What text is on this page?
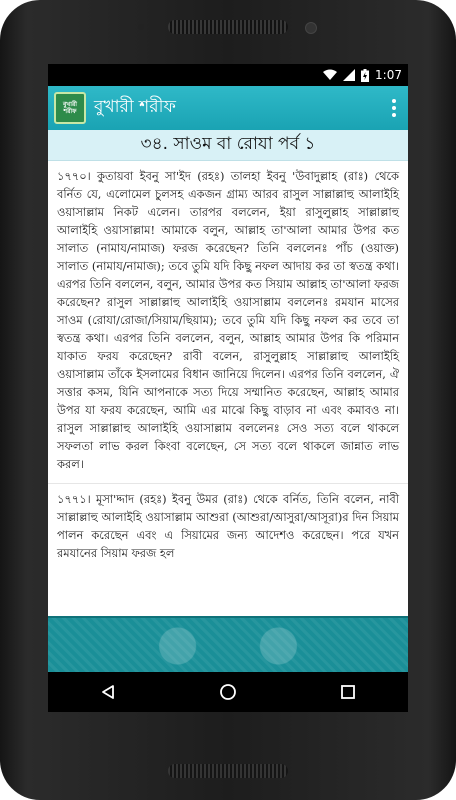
1:07
বুখারী
শরীফ বুখারী শরীফ
৩৪. সাওম বা রোযা পর্ব ১

১৭৭০। কুতায়বা ইবনু সা'ইদ (রহঃ) তালহা ইবনু 'উবাদুল্লাহ (রাঃ) থেকে বর্নিত যে, এলোমেল চুলসহ একজন গ্রাম্য আরব রাসুল সাল্লাল্লাহু আলাইহি ওয়াসাল্লাম নিকট এলেন। তারপর বললেন, ইয়া রাসুলুল্লাহ সাল্লাল্লাহু আলাইহি ওয়াসাল্লাম! আমাকে বলুন, আল্লাহ তা'আলা আমার উপর কত সালাত (নামায/নামাজ) ফরজ করেছেন? তিনি বললেনঃ পাঁচ (ওয়াক্ত) সালাত (নামায/নামাজ); তবে তুমি যদি কিছু নফল আদায় কর তা স্বতন্ত্র কথা। এরপর তিনি বললেন, বলুন, আমার উপর কত সিয়াম আল্লাহ তা'আলা ফরজ করেছেন? রাসুল সাল্লাল্লাহু আলাইহি ওয়াসাল্লাম বললেনঃ রমযান মাসের সাওম (রোযা/রোজা/সিয়াম/ছিয়াম); তবে তুমি যদি কিছু নফল কর তবে তা স্বতন্ত্র কথা। এরপর তিনি বললেন, বলুন, আল্লাহ আমার উপর কি পরিমান যাকাত ফরয করেছেন? রাবী বলেন, রাসুলুল্লাহ সাল্লাল্লাহু আলাইহি ওয়াসাল্লাম তাঁকে ইসলামের বিধান জানিয়ে দিলেন। এরপর তিনি বললেন, ঐ সত্তার কসম, যিনি আপনাকে সত্য দিয়ে সম্মানিত করেছেন, আল্লাহ আমার উপর যা ফরয করেছেন, আমি এর মাঝে কিছু বাড়াব না এবং কমাবও না। রাসুল সাল্লাল্লাহু আলাইহি ওয়াসাল্লাম বললেনঃ সেও সত্য বলে থাকলে সফলতা লাভ করল কিংবা বলেছেন, সে সত্য বলে থাকলে জান্নাত লাভ করল।

১৭৭১। মূসা'দ্দাদ (রহঃ) ইবনু উমর (রাঃ) থেকে বর্নিত, তিনি বলেন, নাবী সাল্লাল্লাহু আলাইহি ওয়াসাল্লাম আশুরা (আশুরা/আসুরা/আসূরা)র দিন সিয়াম পালন করেছেন এবং এ সিয়ামের জন্য আদেশও করেছেন। পরে যখন রমযানের সিয়াম ফরজ হল
